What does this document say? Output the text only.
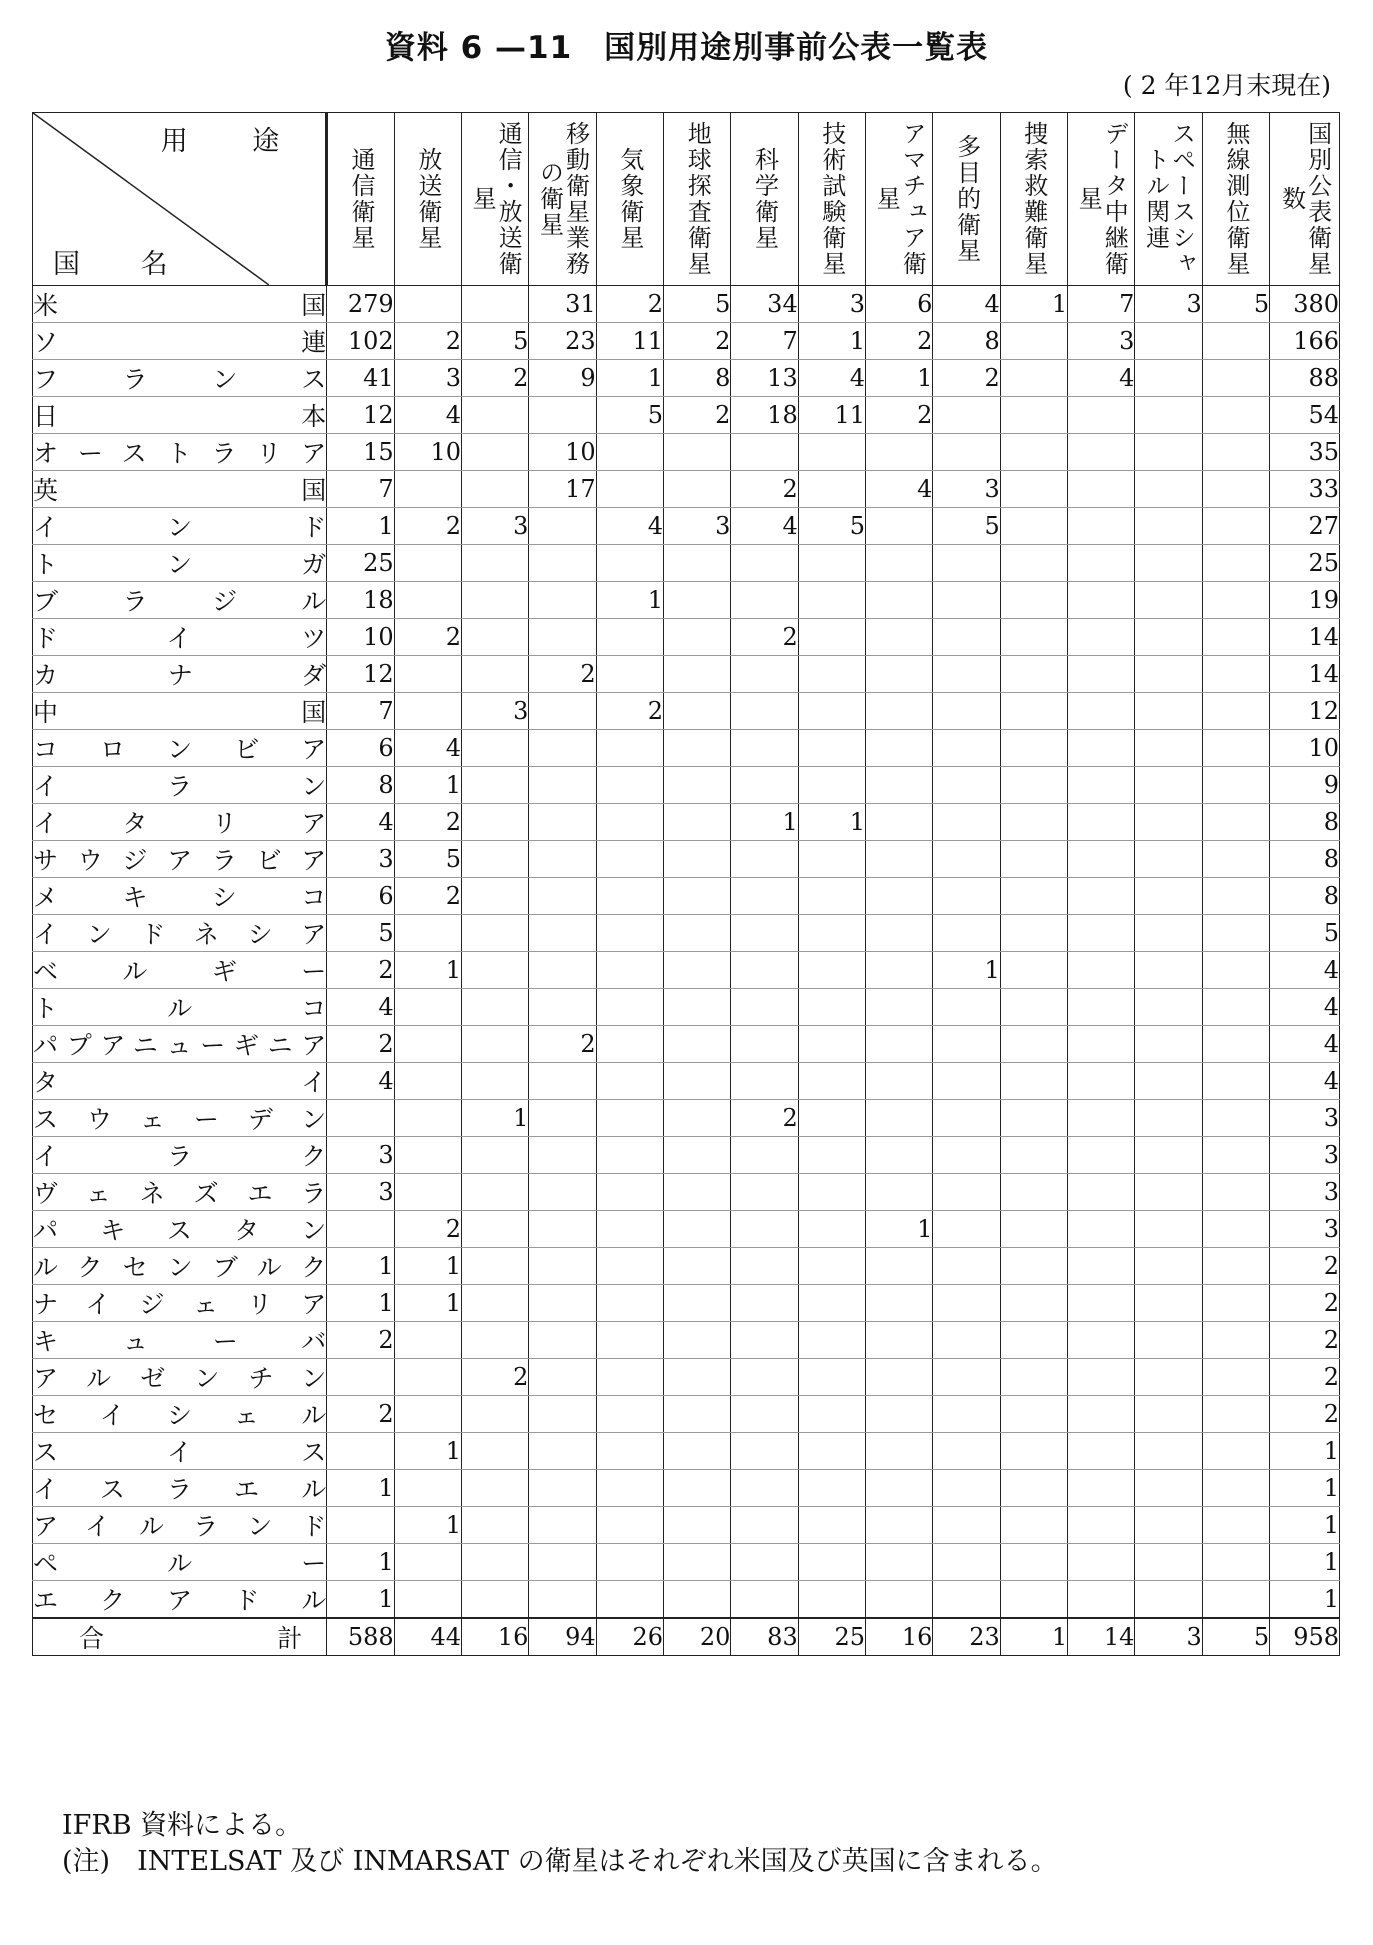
資料 6 —11　国別用途別事前公表一覧表
( 2 年12月末現在)
用 途
国 名	通信衛星	放送衛星	通信・放送衛星	移動衛星業務の衛星	気象衛星	地球探査衛星	科学衛星	技術試験衛星	アマチュア衛星	多目的衛星	捜索救難衛星	データ中継衛星	スペースシャトル関連	無線測位衛星	国別公表衛星数

米国	279			31	2	5	34	3	6	4	1	7	3	5	380
ソ連	102	2	5	23	11	2	7	1	2	8		3			166
フランス	41	3	2	9	1	8	13	4	1	2		4			88
日本	12	4			5	2	18	11	2						54
オーストラリア	15	10		10											35
英国	7			17			2		4	3					33
インド	1	2	3		4	3	4	5		5					27
トンガ	25														25
ブラジル	18				1										19
ドイツ	10	2					2								14
カナダ	12			2											14
中国	7		3		2										12
コロンビア	6	4													10
イラン	8	1													9
イタリア	4	2					1	1							8
サウジアラビア	3	5													8
メキシコ	6	2													8
インドネシア	5														5
ベルギー	2	1								1					4
トルコ	4														4
パプアニューギニア	2			2											4
タイ	4														4
スウェーデン			1				2								3
イラク	3														3
ヴェネズエラ	3														3
パキスタン		2							1						3
ルクセンブルク	1	1													2
ナイジェリア	1	1													2
キューバ	2														2
アルゼンチン			2												2
セイシェル	2														2
スイス		1													1
イスラエル	1														1
アイルランド		1													1
ペルー	1														1
エクアドル	1														1
合計	588	44	16	94	26	20	83	25	16	23	1	14	3	5	958
IFRB 資料による。
(注)　INTELSAT 及び INMARSAT の衛星はそれぞれ米国及び英国に含まれる。
